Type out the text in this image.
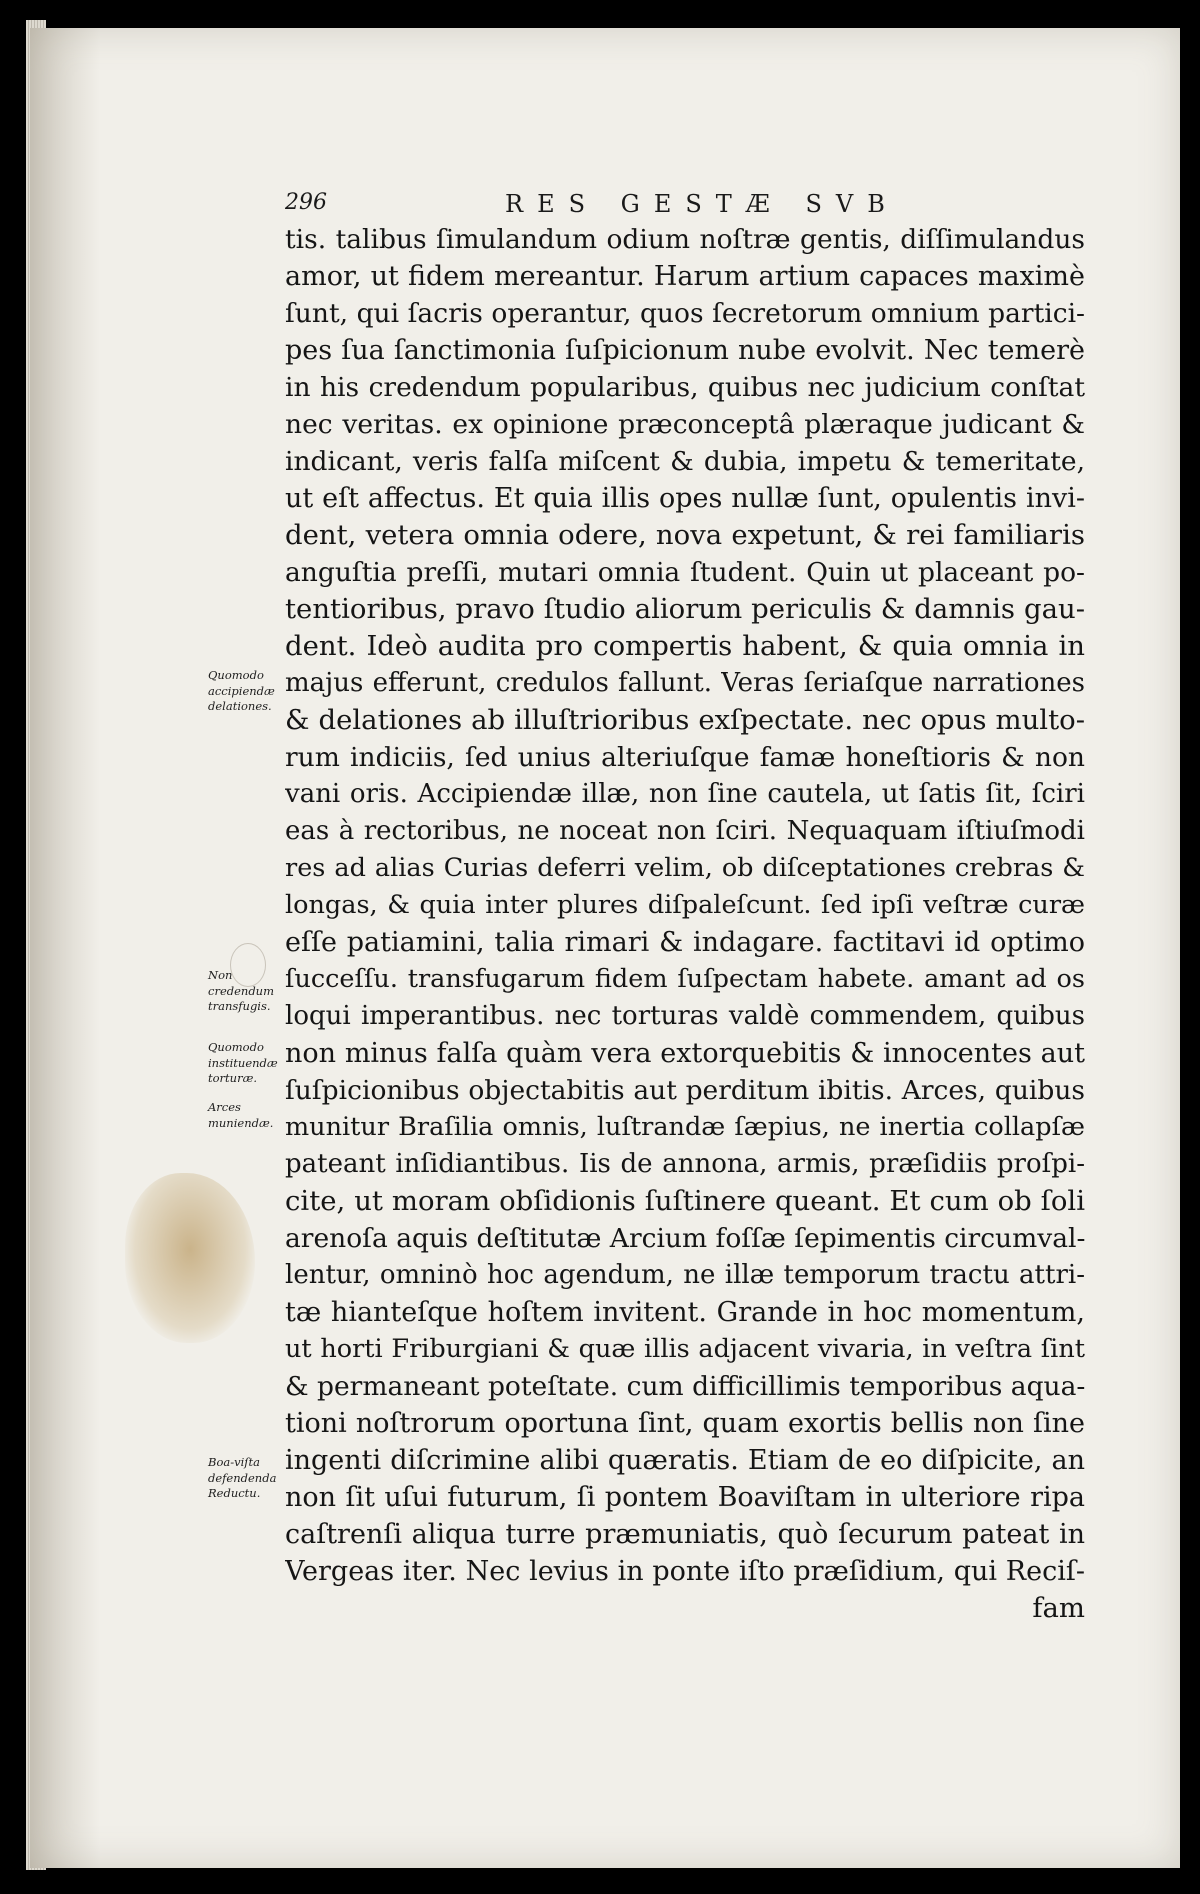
296	RES GESTÆ SVB
tis. talibus ſimulandum odium noſtræ gentis, diſſimulandus
amor, ut fidem mereantur. Harum artium capaces maximè
ſunt, qui ſacris operantur, quos ſecretorum omnium partici-
pes ſua ſanctimonia ſuſpicionum nube evolvit. Nec temerè
in his credendum popularibus, quibus nec judicium conſtat
nec veritas. ex opinione præconceptâ plæraque judicant &
indicant, veris falſa miſcent & dubia, impetu & temeritate,
ut eſt affectus. Et quia illis opes nullæ ſunt, opulentis invi-
dent, vetera omnia odere, nova expetunt, & rei familiaris
anguſtia preſſi, mutari omnia ſtudent. Quin ut placeant po-
tentioribus, pravo ſtudio aliorum periculis & damnis gau-
dent. Ideò audita pro compertis habent, & quia omnia in
majus efferunt, credulos fallunt. Veras ſeriaſque narrationes
& delationes ab illuſtrioribus exſpectate. nec opus multo-
rum indiciis, ſed unius alteriuſque famæ honeſtioris & non
vani oris. Accipiendæ illæ, non ſine cautela, ut ſatis ſit, ſciri
eas à rectoribus, ne noceat non ſciri. Nequaquam iſtiuſmodi
res ad alias Curias deferri velim, ob diſceptationes crebras &
longas, & quia inter plures diſpaleſcunt. ſed ipſi veſtræ curæ
eſſe patiamini, talia rimari & indagare. factitavi id optimo
ſucceſſu. transfugarum fidem ſuſpectam habete. amant ad os
loqui imperantibus. nec torturas valdè commendem, quibus
non minus falſa quàm vera extorquebitis & innocentes aut
ſuſpicionibus objectabitis aut perditum ibitis. Arces, quibus
munitur Braſilia omnis, luſtrandæ ſæpius, ne inertia collapſæ
pateant inſidiantibus. Iis de annona, armis, præſidiis proſpi-
cite, ut moram obſidionis ſuſtinere queant. Et cum ob ſoli
arenoſa aquis deſtitutæ Arcium foſſæ ſepimentis circumval-
lentur, omninò hoc agendum, ne illæ temporum tractu attri-
tæ hianteſque hoſtem invitent. Grande in hoc momentum,
ut horti Friburgiani & quæ illis adjacent vivaria, in veſtra ſint
& permaneant poteſtate. cum difficillimis temporibus aqua-
tioni noſtrorum oportuna ſint, quam exortis bellis non ſine
ingenti diſcrimine alibi quæratis. Etiam de eo diſpicite, an
non ſit uſui futurum, ſi pontem Boaviſtam in ulteriore ripa
caſtrenſi aliqua turre præmuniatis, quò ſecurum pateat in
Vergeas iter. Nec levius in ponte iſto præſidium, qui Reciſ-
fam
Quomodo accipiendæ delationes.
Non credendum transfugis.
Quomodo instituendæ torturæ.
Arces muniendæ.
Boa-viſta defendenda Reductu.
